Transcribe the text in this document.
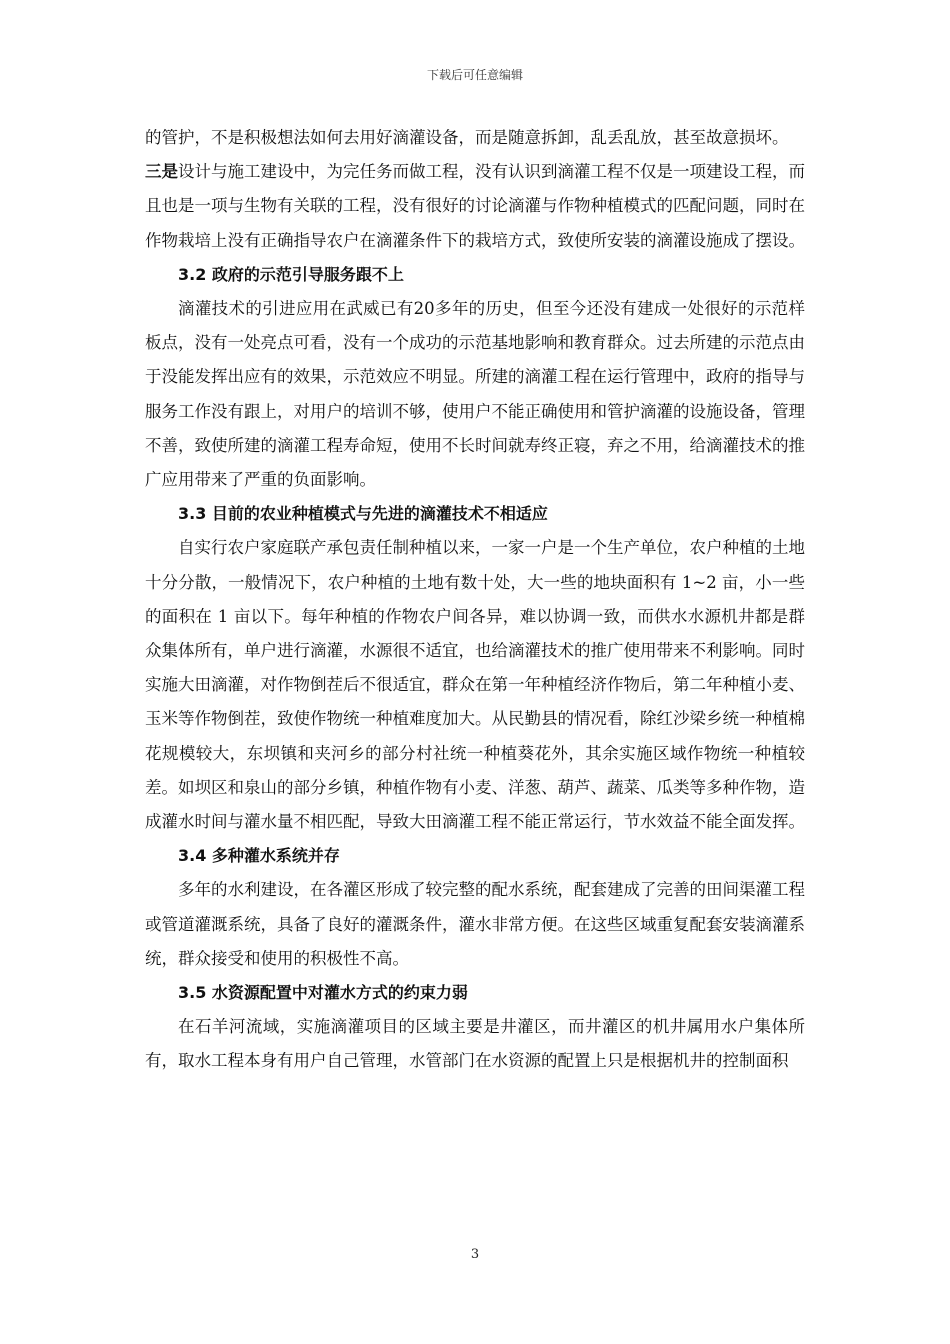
下载后可任意编辑

的管护，不是积极想法如何去用好滴灌设备，而是随意拆卸，乱丢乱放，甚至故意损坏。

三是设计与施工建设中，为完任务而做工程，没有认识到滴灌工程不仅是一项建设工程，而且也是一项与生物有关联的工程，没有很好的讨论滴灌与作物种植模式的匹配问题，同时在作物栽培上没有正确指导农户在滴灌条件下的栽培方式，致使所安装的滴灌设施成了摆设。

3.2 政府的示范引导服务跟不上

滴灌技术的引进应用在武威已有20多年的历史，但至今还没有建成一处很好的示范样板点，没有一处亮点可看，没有一个成功的示范基地影响和教育群众。过去所建的示范点由于没能发挥出应有的效果，示范效应不明显。所建的滴灌工程在运行管理中，政府的指导与服务工作没有跟上，对用户的培训不够，使用户不能正确使用和管护滴灌的设施设备，管理不善，致使所建的滴灌工程寿命短，使用不长时间就寿终正寝，弃之不用，给滴灌技术的推广应用带来了严重的负面影响。

3.3 目前的农业种植模式与先进的滴灌技术不相适应

自实行农户家庭联产承包责任制种植以来，一家一户是一个生产单位，农户种植的土地十分分散，一般情况下，农户种植的土地有数十处，大一些的地块面积有 1~2 亩，小一些的面积在 1 亩以下。每年种植的作物农户间各异，难以协调一致，而供水水源机井都是群众集体所有，单户进行滴灌，水源很不适宜，也给滴灌技术的推广使用带来不利影响。同时实施大田滴灌，对作物倒茬后不很适宜，群众在第一年种植经济作物后，第二年种植小麦、玉米等作物倒茬，致使作物统一种植难度加大。从民勤县的情况看，除红沙梁乡统一种植棉花规模较大，东坝镇和夹河乡的部分村社统一种植葵花外，其余实施区域作物统一种植较差。如坝区和泉山的部分乡镇，种植作物有小麦、洋葱、葫芦、蔬菜、瓜类等多种作物，造成灌水时间与灌水量不相匹配，导致大田滴灌工程不能正常运行，节水效益不能全面发挥。

3.4 多种灌水系统并存

多年的水利建设，在各灌区形成了较完整的配水系统，配套建成了完善的田间渠灌工程或管道灌溉系统，具备了良好的灌溉条件，灌水非常方便。在这些区域重复配套安装滴灌系统，群众接受和使用的积极性不高。

3.5 水资源配置中对灌水方式的约束力弱

在石羊河流域，实施滴灌项目的区域主要是井灌区，而井灌区的机井属用水户集体所有，取水工程本身有用户自己管理，水管部门在水资源的配置上只是根据机井的控制面积

3
